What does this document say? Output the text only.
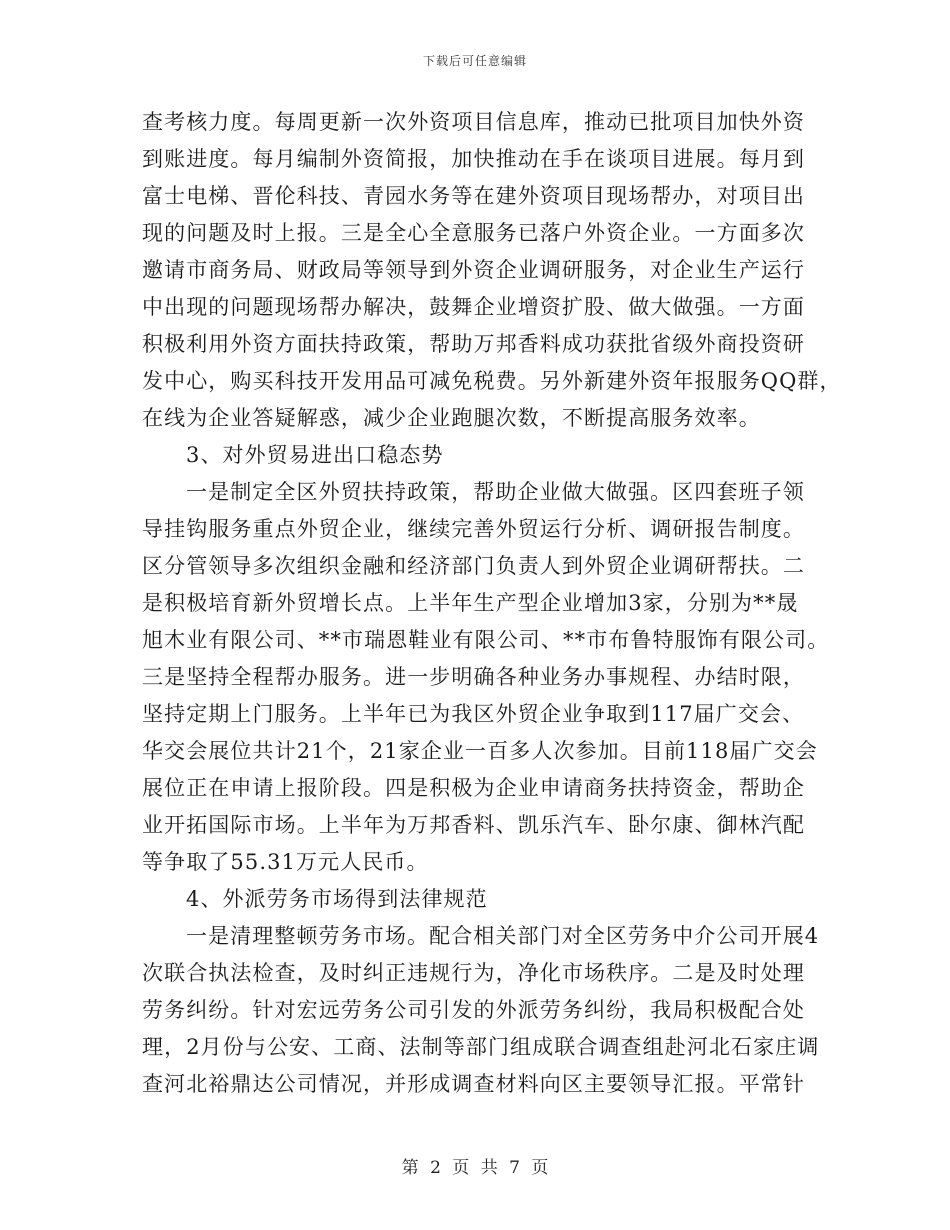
下载后可任意编辑
查考核力度。每周更新一次外资项目信息库，推动已批项目加快外资
到账进度。每月编制外资简报，加快推动在手在谈项目进展。每月到
富士电梯、晋伦科技、青园水务等在建外资项目现场帮办，对项目出
现的问题及时上报。三是全心全意服务已落户外资企业。一方面多次
邀请市商务局、财政局等领导到外资企业调研服务，对企业生产运行
中出现的问题现场帮办解决，鼓舞企业增资扩股、做大做强。一方面
积极利用外资方面扶持政策，帮助万邦香料成功获批省级外商投资研
发中心，购买科技开发用品可减免税费。另外新建外资年报服务QQ群，
在线为企业答疑解惑，减少企业跑腿次数，不断提高服务效率。
3、对外贸易进出口稳态势
一是制定全区外贸扶持政策，帮助企业做大做强。区四套班子领
导挂钩服务重点外贸企业，继续完善外贸运行分析、调研报告制度。
区分管领导多次组织金融和经济部门负责人到外贸企业调研帮扶。二
是积极培育新外贸增长点。上半年生产型企业增加3家，分别为**晟
旭木业有限公司、**市瑞恩鞋业有限公司、**市布鲁特服饰有限公司。
三是坚持全程帮办服务。进一步明确各种业务办事规程、办结时限，
坚持定期上门服务。上半年已为我区外贸企业争取到117届广交会、
华交会展位共计21个，21家企业一百多人次参加。目前118届广交会
展位正在申请上报阶段。四是积极为企业申请商务扶持资金，帮助企
业开拓国际市场。上半年为万邦香料、凯乐汽车、卧尔康、御林汽配
等争取了55.31万元人民币。
4、外派劳务市场得到法律规范
一是清理整顿劳务市场。配合相关部门对全区劳务中介公司开展4
次联合执法检查，及时纠正违规行为，净化市场秩序。二是及时处理
劳务纠纷。针对宏远劳务公司引发的外派劳务纠纷，我局积极配合处
理，2月份与公安、工商、法制等部门组成联合调查组赴河北石家庄调
查河北裕鼎达公司情况，并形成调查材料向区主要领导汇报。平常针
第 2 页 共 7 页
